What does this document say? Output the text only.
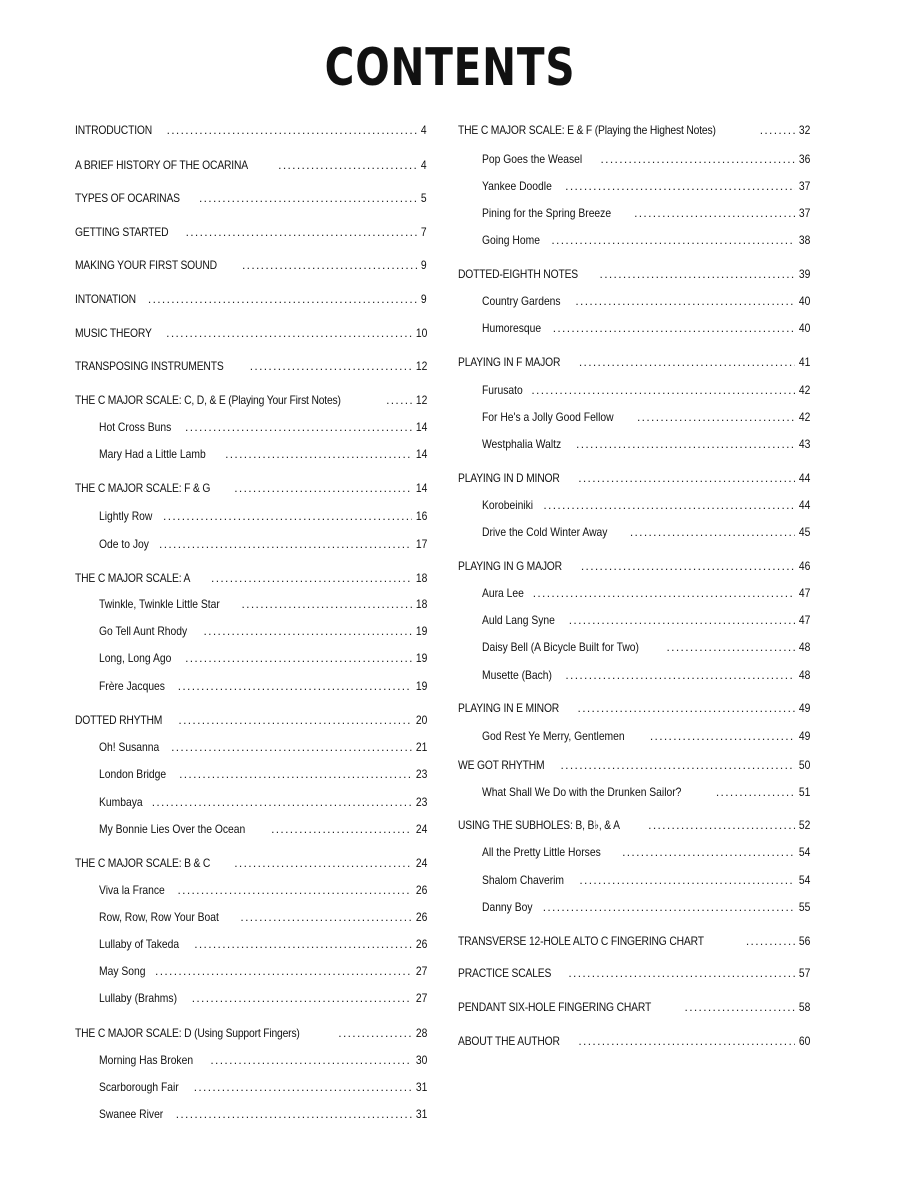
CONTENTS
INTRODUCTION . . .	4
A BRIEF HISTORY OF THE OCARINA . . .	4
TYPES OF OCARINAS . . .	5
GETTING STARTED . . .	7
MAKING YOUR FIRST SOUND . . .	9
INTONATION . . .	9
MUSIC THEORY . . .	10
TRANSPOSING INSTRUMENTS . . .	12
THE C MAJOR SCALE: C, D, & E (Playing Your First Notes) . . .	12
Hot Cross Buns . . .	14
Mary Had a Little Lamb . . .	14
THE C MAJOR SCALE: F & G . . .	14
Lightly Row . . .	16
Ode to Joy . . .	17
THE C MAJOR SCALE: A . . .	18
Twinkle, Twinkle Little Star . . .	18
Go Tell Aunt Rhody . . .	19
Long, Long Ago . . .	19
Frère Jacques . . .	19
DOTTED RHYTHM . . .	20
Oh! Susanna . . .	21
London Bridge . . .	23
Kumbaya . . .	23
My Bonnie Lies Over the Ocean . . .	24
THE C MAJOR SCALE: B & C . . .	24
Viva la France . . .	26
Row, Row, Row Your Boat . . .	26
Lullaby of Takeda . . .	26
May Song . . .	27
Lullaby (Brahms) . . .	27
THE C MAJOR SCALE: D (Using Support Fingers) . . .	28
Morning Has Broken . . .	30
Scarborough Fair . . .	31
Swanee River . . .	31
THE C MAJOR SCALE: E & F (Playing the Highest Notes) . . .	32
Pop Goes the Weasel . . .	36
Yankee Doodle . . .	37
Pining for the Spring Breeze . . .	37
Going Home . . .	38
DOTTED-EIGHTH NOTES . . .	39
Country Gardens . . .	40
Humoresque . . .	40
PLAYING IN F MAJOR . . .	41
Furusato . . .	42
For He's a Jolly Good Fellow . . .	42
Westphalia Waltz . . .	43
PLAYING IN D MINOR . . .	44
Korobeiniki . . .	44
Drive the Cold Winter Away . . .	45
PLAYING IN G MAJOR . . .	46
Aura Lee . . .	47
Auld Lang Syne . . .	47
Daisy Bell (A Bicycle Built for Two) . . .	48
Musette (Bach) . . .	48
PLAYING IN E MINOR . . .	49
God Rest Ye Merry, Gentlemen . . .	49
WE GOT RHYTHM . . .	50
What Shall We Do with the Drunken Sailor? . . .	51
USING THE SUBHOLES: B, B♭, & A . . .	52
All the Pretty Little Horses . . .	54
Shalom Chaverim . . .	54
Danny Boy . . .	55
TRANSVERSE 12-HOLE ALTO C FINGERING CHART . . .	56
PRACTICE SCALES . . .	57
PENDANT SIX-HOLE FINGERING CHART . . .	58
ABOUT THE AUTHOR . . .	60
